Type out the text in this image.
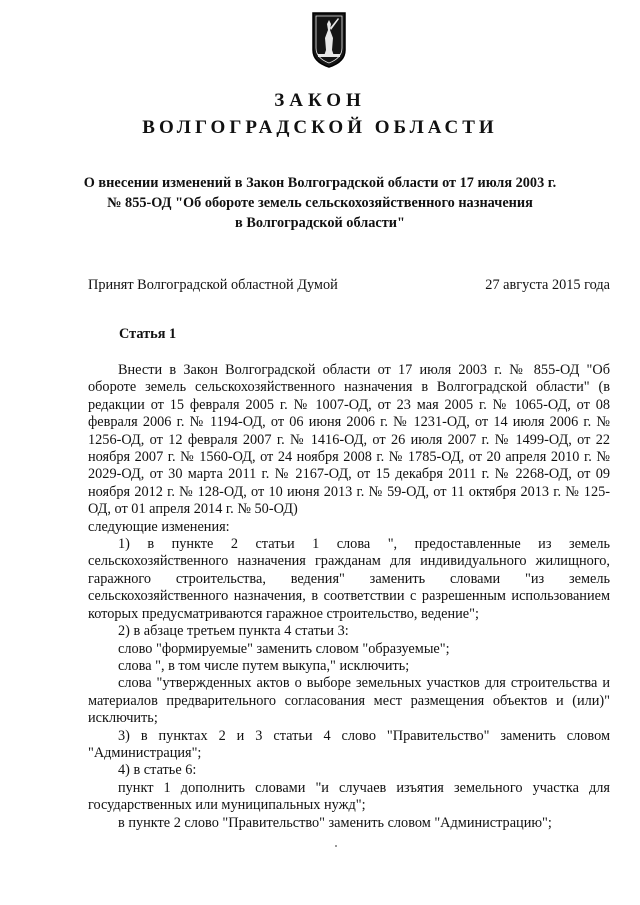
ЗАКОН
ВОЛГОГРАДСКОЙ ОБЛАСТИ
О внесении изменений в Закон Волгоградской области от 17 июля 2003 г.
№ 855-ОД "Об обороте земель сельскохозяйственного назначения
в Волгоградской области"
Принят Волгоградской областной Думой	27 августа 2015 года
Статья 1

Внести в Закон Волгоградской области от 17 июля 2003 г. № 855-ОД "Об обороте земель сельскохозяйственного назначения в Волгоградской области" (в редакции от 15 февраля 2005 г. № 1007-ОД, от 23 мая 2005 г. № 1065-ОД, от 08 февраля 2006 г. № 1194-ОД, от 06 июня 2006 г. № 1231-ОД, от 14 июля 2006 г. № 1256-ОД, от 12 февраля 2007 г. № 1416-ОД, от 26 июля 2007 г. № 1499-ОД, от 22 ноября 2007 г. № 1560-ОД, от 24 ноября 2008 г. № 1785-ОД, от 20 апреля 2010 г. № 2029-ОД, от 30 марта 2011 г. № 2167-ОД, от 15 декабря 2011 г. № 2268-ОД, от 09 ноября 2012 г. № 128-ОД, от 10 июня 2013 г. № 59-ОД, от 11 октября 2013 г. № 125-ОД, от 01 апреля 2014 г. № 50-ОД)

следующие изменения:

1) в пункте 2 статьи 1 слова ", предоставленные из земель сельскохозяйственного назначения гражданам для индивидуального жилищного, гаражного строительства, ведения" заменить словами "из земель сельскохозяйственного назначения, в соответствии с разрешенным использованием которых предусматриваются гаражное строительство, ведение";

2) в абзаце третьем пункта 4 статьи 3:

слово "формируемые" заменить словом "образуемые";

слова ", в том числе путем выкупа," исключить;

слова "утвержденных актов о выборе земельных участков для строительства и материалов предварительного согласования мест размещения объектов и (или)" исключить;

3) в пунктах 2 и 3 статьи 4 слово "Правительство" заменить словом "Администрация";

4) в статье 6:

пункт 1 дополнить словами "и случаев изъятия земельного участка для государственных или муниципальных нужд";

в пункте 2 слово "Правительство" заменить словом "Администрацию";
